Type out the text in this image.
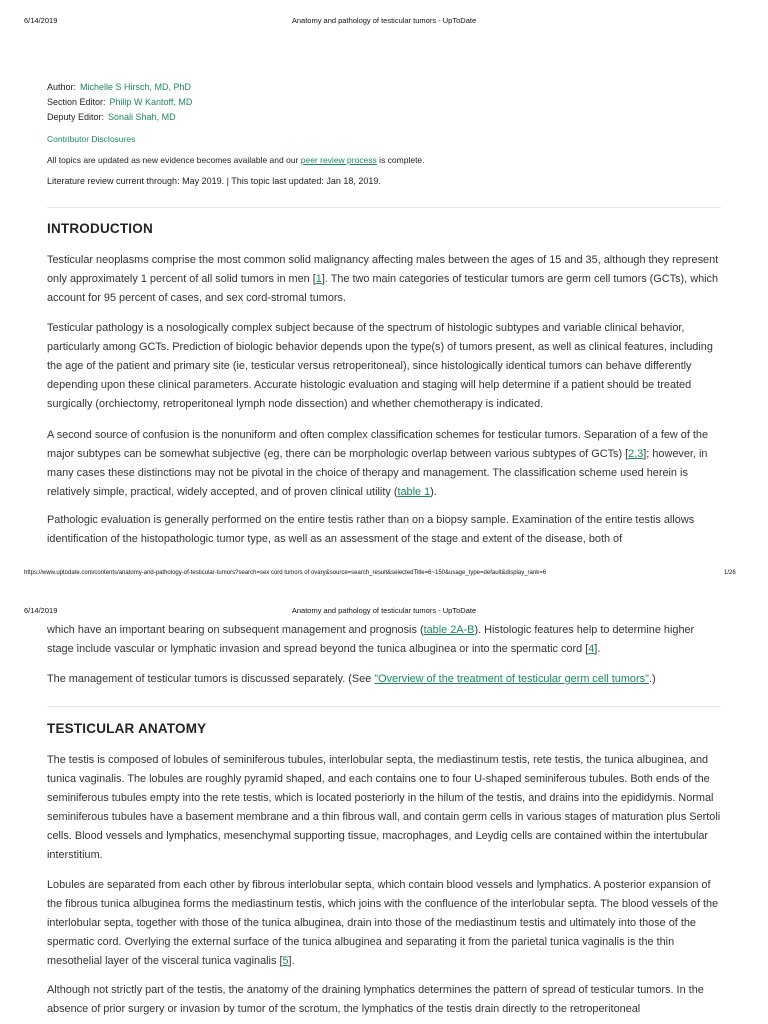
6/14/2019	Anatomy and pathology of testicular tumors - UpToDate
Author: Michelle S Hirsch, MD, PhD
Section Editor: Philip W Kantoff, MD
Deputy Editor: Sonali Shah, MD
Contributor Disclosures
All topics are updated as new evidence becomes available and our peer review process is complete.
Literature review current through: May 2019. | This topic last updated: Jan 18, 2019.
INTRODUCTION

Testicular neoplasms comprise the most common solid malignancy affecting males between the ages of 15 and 35, although they represent only approximately 1 percent of all solid tumors in men [1]. The two main categories of testicular tumors are germ cell tumors (GCTs), which account for 95 percent of cases, and sex cord-stromal tumors.

Testicular pathology is a nosologically complex subject because of the spectrum of histologic subtypes and variable clinical behavior, particularly among GCTs. Prediction of biologic behavior depends upon the type(s) of tumors present, as well as clinical features, including the age of the patient and primary site (ie, testicular versus retroperitoneal), since histologically identical tumors can behave differently depending upon these clinical parameters. Accurate histologic evaluation and staging will help determine if a patient should be treated surgically (orchiectomy, retroperitoneal lymph node dissection) and whether chemotherapy is indicated.

A second source of confusion is the nonuniform and often complex classification schemes for testicular tumors. Separation of a few of the major subtypes can be somewhat subjective (eg, there can be morphologic overlap between various subtypes of GCTs) [2,3]; however, in many cases these distinctions may not be pivotal in the choice of therapy and management. The classification scheme used herein is relatively simple, practical, widely accepted, and of proven clinical utility (table 1).

Pathologic evaluation is generally performed on the entire testis rather than on a biopsy sample. Examination of the entire testis allows identification of the histopathologic tumor type, as well as an assessment of the stage and extent of the disease, both of

https://www.uptodate.com/contents/anatomy-and-pathology-of-testicular-tumors?search=sex cord tumors of ovary&source=search_result&selectedTitle=6~150&usage_type=default&display_rank=6	1/26
6/14/2019	Anatomy and pathology of testicular tumors - UpToDate

which have an important bearing on subsequent management and prognosis (table 2A-B). Histologic features help to determine higher stage include vascular or lymphatic invasion and spread beyond the tunica albuginea or into the spermatic cord [4].

The management of testicular tumors is discussed separately. (See "Overview of the treatment of testicular germ cell tumors".)

TESTICULAR ANATOMY

The testis is composed of lobules of seminiferous tubules, interlobular septa, the mediastinum testis, rete testis, the tunica albuginea, and tunica vaginalis. The lobules are roughly pyramid shaped, and each contains one to four U-shaped seminiferous tubules. Both ends of the seminiferous tubules empty into the rete testis, which is located posteriorly in the hilum of the testis, and drains into the epididymis. Normal seminiferous tubules have a basement membrane and a thin fibrous wall, and contain germ cells in various stages of maturation plus Sertoli cells. Blood vessels and lymphatics, mesenchymal supporting tissue, macrophages, and Leydig cells are contained within the intertubular interstitium.

Lobules are separated from each other by fibrous interlobular septa, which contain blood vessels and lymphatics. A posterior expansion of the fibrous tunica albuginea forms the mediastinum testis, which joins with the confluence of the interlobular septa. The blood vessels of the interlobular septa, together with those of the tunica albuginea, drain into those of the mediastinum testis and ultimately into those of the spermatic cord. Overlying the external surface of the tunica albuginea and separating it from the parietal tunica vaginalis is the thin mesothelial layer of the visceral tunica vaginalis [5].

Although not strictly part of the testis, the anatomy of the draining lymphatics determines the pattern of spread of testicular tumors. In the absence of prior surgery or invasion by tumor of the scrotum, the lymphatics of the testis drain directly to the retroperitoneal
